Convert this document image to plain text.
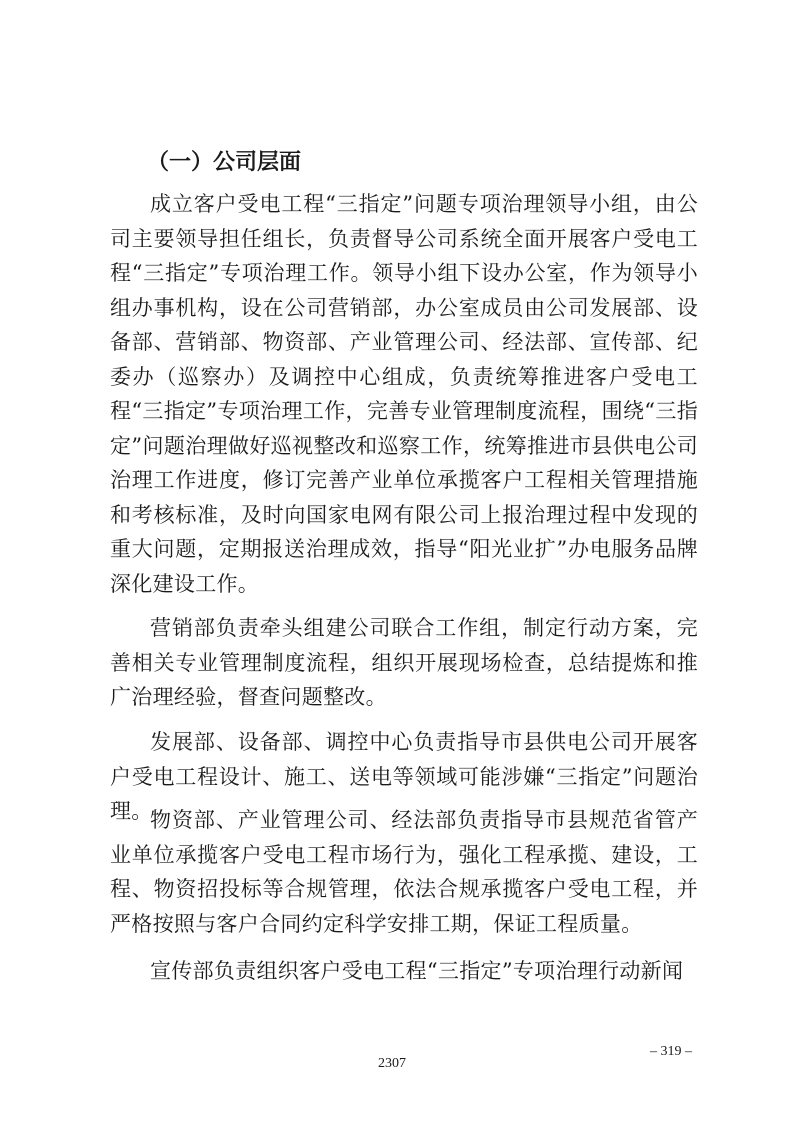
（一）公司层面

成立客户受电工程“三指定”问题专项治理领导小组，由公司主要领导担任组长，负责督导公司系统全面开展客户受电工程“三指定”专项治理工作。领导小组下设办公室，作为领导小组办事机构，设在公司营销部，办公室成员由公司发展部、设备部、营销部、物资部、产业管理公司、经法部、宣传部、纪委办（巡察办）及调控中心组成，负责统筹推进客户受电工程“三指定”专项治理工作，完善专业管理制度流程，围绕“三指定”问题治理做好巡视整改和巡察工作，统筹推进市县供电公司治理工作进度，修订完善产业单位承揽客户工程相关管理措施和考核标准，及时向国家电网有限公司上报治理过程中发现的重大问题，定期报送治理成效，指导“阳光业扩”办电服务品牌深化建设工作。

营销部负责牵头组建公司联合工作组，制定行动方案，完善相关专业管理制度流程，组织开展现场检查，总结提炼和推广治理经验，督查问题整改。

发展部、设备部、调控中心负责指导市县供电公司开展客户受电工程设计、施工、送电等领域可能涉嫌“三指定”问题治理。

物资部、产业管理公司、经法部负责指导市县规范省管产业单位承揽客户受电工程市场行为，强化工程承揽、建设，工程、物资招投标等合规管理，依法合规承揽客户受电工程，并严格按照与客户合同约定科学安排工期，保证工程质量。

宣传部负责组织客户受电工程“三指定”专项治理行动新闻

– 319 –
2307
